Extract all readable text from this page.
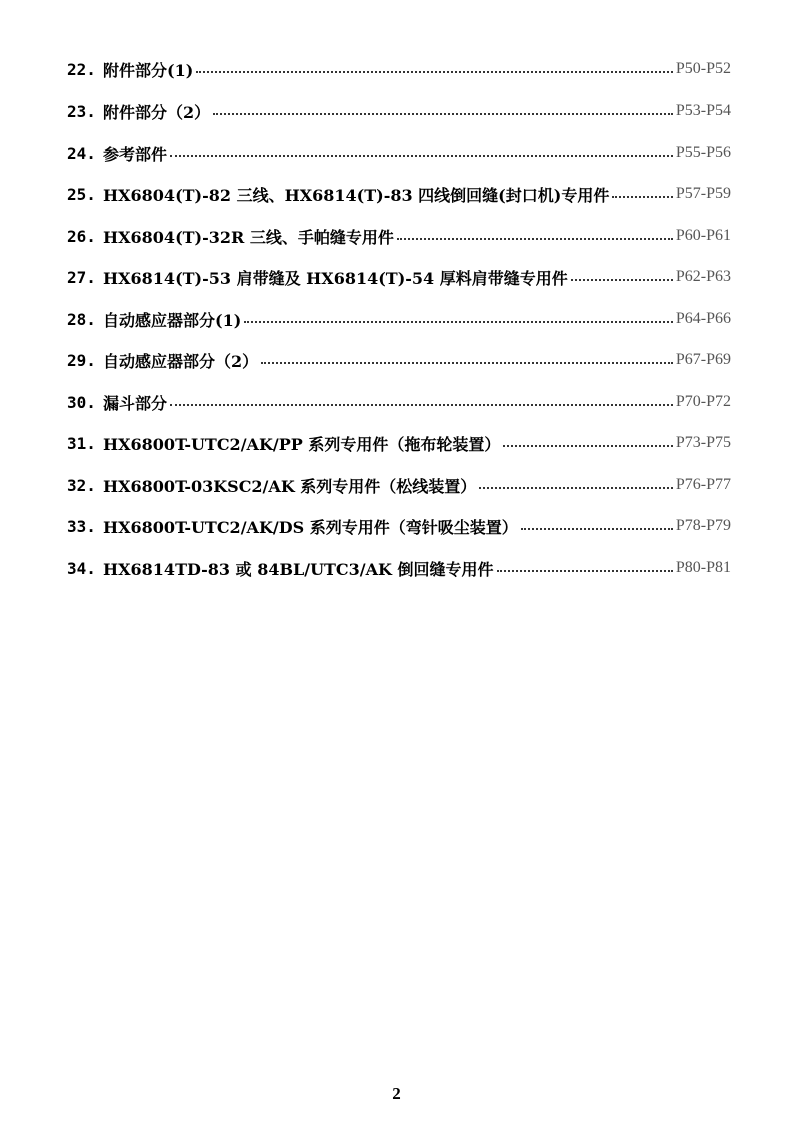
22. 附件部分(1)	P50-P52
23. 附件部分（2）	P53-P54
24. 参考部件	P55-P56
25. HX6804(T)-82 三线、HX6814(T)-83 四线倒回缝(封口机)专用件	P57-P59
26. HX6804(T)-32R 三线、手帕缝专用件	P60-P61
27. HX6814(T)-53 肩带缝及 HX6814(T)-54 厚料肩带缝专用件	P62-P63
28. 自动感应器部分(1)	P64-P66
29. 自动感应器部分（2）	P67-P69
30. 漏斗部分	P70-P72
31. HX6800T-UTC2/AK/PP 系列专用件（拖布轮装置）	P73-P75
32. HX6800T-03KSC2/AK 系列专用件（松线装置）	P76-P77
33. HX6800T-UTC2/AK/DS 系列专用件（弯针吸尘装置）	P78-P79
34. HX6814TD-83 或 84BL/UTC3/AK 倒回缝专用件	P80-P81
2
